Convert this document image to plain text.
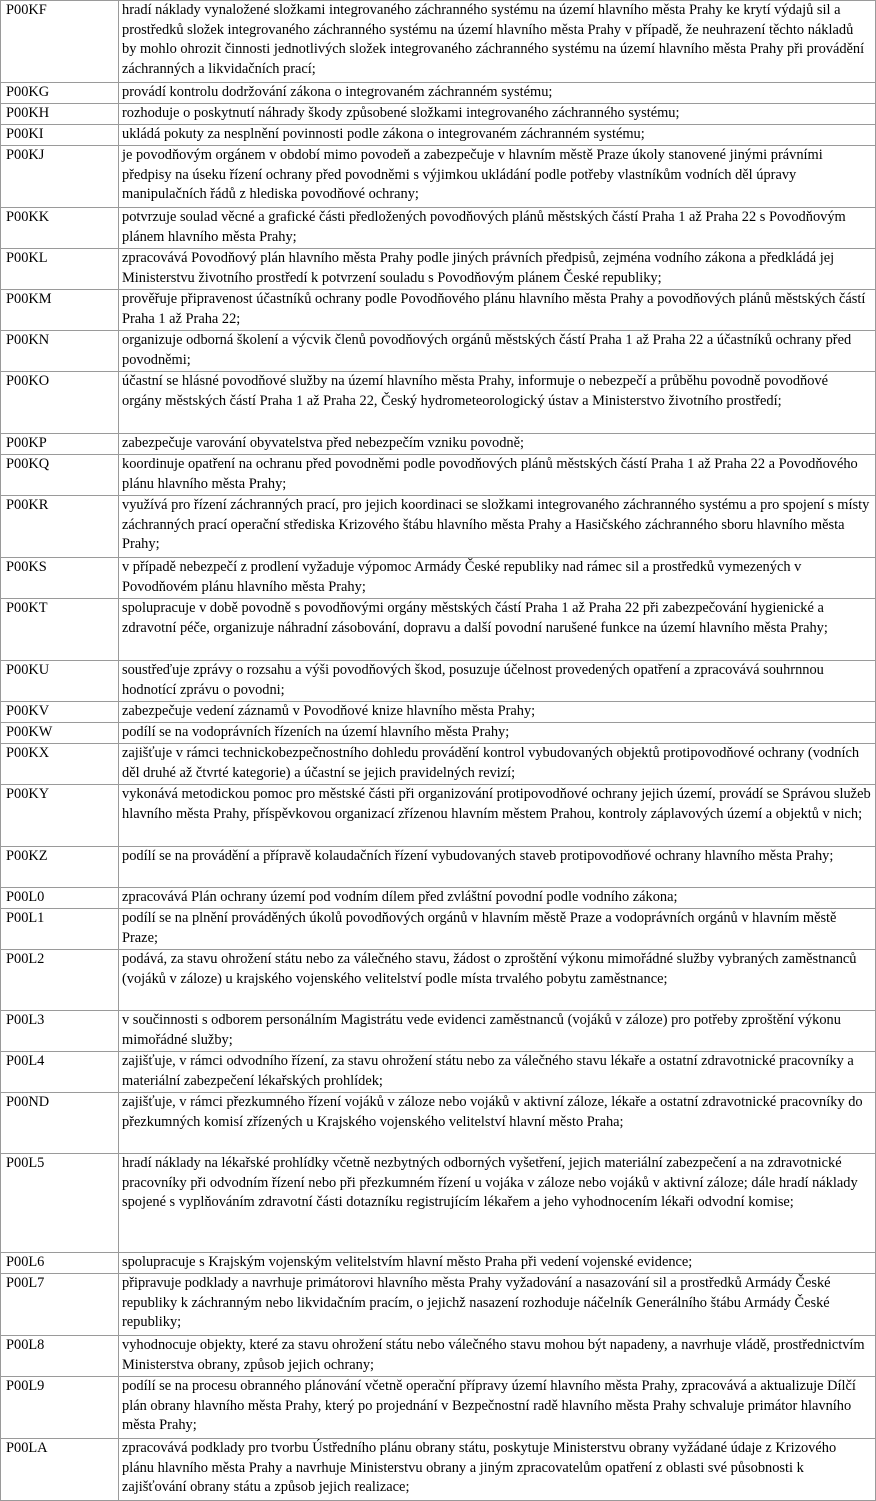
P00KF	hradí náklady vynaložené složkami integrovaného záchranného systému na území hlavního města Prahy ke krytí výdajů sil a prostředků složek integrovaného záchranného systému na území hlavního města Prahy v případě, že neuhrazení těchto nákladů by mohlo ohrozit činnosti jednotlivých složek integrovaného záchranného systému na území hlavního města Prahy při provádění záchranných a likvidačních prací;
P00KG	provádí kontrolu dodržování zákona o integrovaném záchranném systému;
P00KH	rozhoduje o poskytnutí náhrady škody způsobené složkami integrovaného záchranného systému;
P00KI	ukládá pokuty za nesplnění povinnosti podle zákona o integrovaném záchranném systému;
P00KJ	je povodňovým orgánem v období mimo povodeň a zabezpečuje v hlavním městě Praze úkoly stanovené jinými právními předpisy na úseku řízení ochrany před povodněmi s výjimkou ukládání podle potřeby vlastníkům vodních děl úpravy manipulačních řádů z hlediska povodňové ochrany;
P00KK	potvrzuje soulad věcné a grafické části předložených povodňových plánů městských částí Praha 1 až Praha 22 s Povodňovým plánem hlavního města Prahy;
P00KL	zpracovává Povodňový plán hlavního města Prahy podle jiných právních předpisů, zejména vodního zákona a předkládá jej Ministerstvu životního prostředí k potvrzení souladu s Povodňovým plánem České republiky;
P00KM	prověřuje připravenost účastníků ochrany podle Povodňového plánu hlavního města Prahy a povodňových plánů městských částí Praha 1 až Praha 22;
P00KN	organizuje odborná školení a výcvik členů povodňových orgánů městských částí Praha 1 až Praha 22 a účastníků ochrany před povodněmi;
P00KO	účastní se hlásné povodňové služby na území hlavního města Prahy, informuje o nebezpečí a průběhu povodně povodňové orgány městských částí Praha 1 až Praha 22, Český hydrometeorologický ústav a Ministerstvo životního prostředí;
P00KP	zabezpečuje varování obyvatelstva před nebezpečím vzniku povodně;
P00KQ	koordinuje opatření na ochranu před povodněmi podle povodňových plánů městských částí Praha 1 až Praha 22 a Povodňového plánu hlavního města Prahy;
P00KR	využívá pro řízení záchranných prací, pro jejich koordinaci se složkami integrovaného záchranného systému a pro spojení s místy záchranných prací operační střediska Krizového štábu hlavního města Prahy a Hasičského záchranného sboru hlavního města Prahy;
P00KS	v případě nebezpečí z prodlení vyžaduje výpomoc Armády České republiky nad rámec sil a prostředků vymezených v Povodňovém plánu hlavního města Prahy;
P00KT	spolupracuje v době povodně s povodňovými orgány městských částí Praha 1 až Praha 22 při zabezpečování hygienické a zdravotní péče, organizuje náhradní zásobování, dopravu a další povodní narušené funkce na území hlavního města Prahy;
P00KU	soustřeďuje zprávy o rozsahu a výši povodňových škod, posuzuje účelnost provedených opatření a zpracovává souhrnnou hodnotící zprávu o povodni;
P00KV	zabezpečuje vedení záznamů v Povodňové knize hlavního města Prahy;
P00KW	podílí se na vodoprávních řízeních na území hlavního města Prahy;
P00KX	zajišťuje v rámci technickobezpečnostního dohledu provádění kontrol vybudovaných objektů protipovodňové ochrany (vodních děl druhé až čtvrté kategorie) a účastní se jejich pravidelných revizí;
P00KY	vykonává metodickou pomoc pro městské části při organizování protipovodňové ochrany jejich území, provádí se Správou služeb hlavního města Prahy, příspěvkovou organizací zřízenou hlavním městem Prahou, kontroly záplavových území a objektů v nich;
P00KZ	podílí se na provádění a přípravě kolaudačních řízení vybudovaných staveb protipovodňové ochrany hlavního města Prahy;
P00L0	zpracovává Plán ochrany území pod vodním dílem před zvláštní povodní podle vodního zákona;
P00L1	podílí se na plnění prováděných úkolů povodňových orgánů v hlavním městě Praze a vodoprávních orgánů v hlavním městě Praze;
P00L2	podává, za stavu ohrožení státu nebo za válečného stavu, žádost o zproštění výkonu mimořádné služby vybraných zaměstnanců (vojáků v záloze) u krajského vojenského velitelství podle místa trvalého pobytu zaměstnance;
P00L3	v součinnosti s odborem personálním Magistrátu vede evidenci zaměstnanců (vojáků v záloze) pro potřeby zproštění výkonu mimořádné služby;
P00L4	zajišťuje, v rámci odvodního řízení, za stavu ohrožení státu nebo za válečného stavu lékaře a ostatní zdravotnické pracovníky a materiální zabezpečení lékařských prohlídek;
P00ND	zajišťuje, v rámci přezkumného řízení vojáků v záloze nebo vojáků v aktivní záloze, lékaře a ostatní zdravotnické pracovníky do přezkumných komisí zřízených u Krajského vojenského velitelství hlavní město Praha;
P00L5	hradí náklady na lékařské prohlídky včetně nezbytných odborných vyšetření, jejich materiální zabezpečení a na zdravotnické pracovníky při odvodním řízení nebo při přezkumném řízení u vojáka v záloze nebo vojáků v aktivní záloze; dále hradí náklady spojené s vyplňováním zdravotní části dotazníku registrujícím lékařem a jeho vyhodnocením lékaři odvodní komise;
P00L6	spolupracuje s Krajským vojenským velitelstvím hlavní město Praha při vedení vojenské evidence;
P00L7	připravuje podklady a navrhuje primátorovi hlavního města Prahy vyžadování a nasazování sil a prostředků Armády České republiky k záchranným nebo likvidačním pracím, o jejichž nasazení rozhoduje náčelník Generálního štábu Armády České republiky;
P00L8	vyhodnocuje objekty, které za stavu ohrožení státu nebo válečného stavu mohou být napadeny, a navrhuje vládě, prostřednictvím Ministerstva obrany, způsob jejich ochrany;
P00L9	podílí se na procesu obranného plánování včetně operační přípravy území hlavního města Prahy, zpracovává a aktualizuje Dílčí plán obrany hlavního města Prahy, který po projednání v Bezpečnostní radě hlavního města Prahy schvaluje primátor hlavního města Prahy;
P00LA	zpracovává podklady pro tvorbu Ústředního plánu obrany státu, poskytuje Ministerstvu obrany vyžádané údaje z Krizového plánu hlavního města Prahy a navrhuje Ministerstvu obrany a jiným zpracovatelům opatření z oblasti své působnosti k zajišťování obrany státu a způsob jejich realizace;
